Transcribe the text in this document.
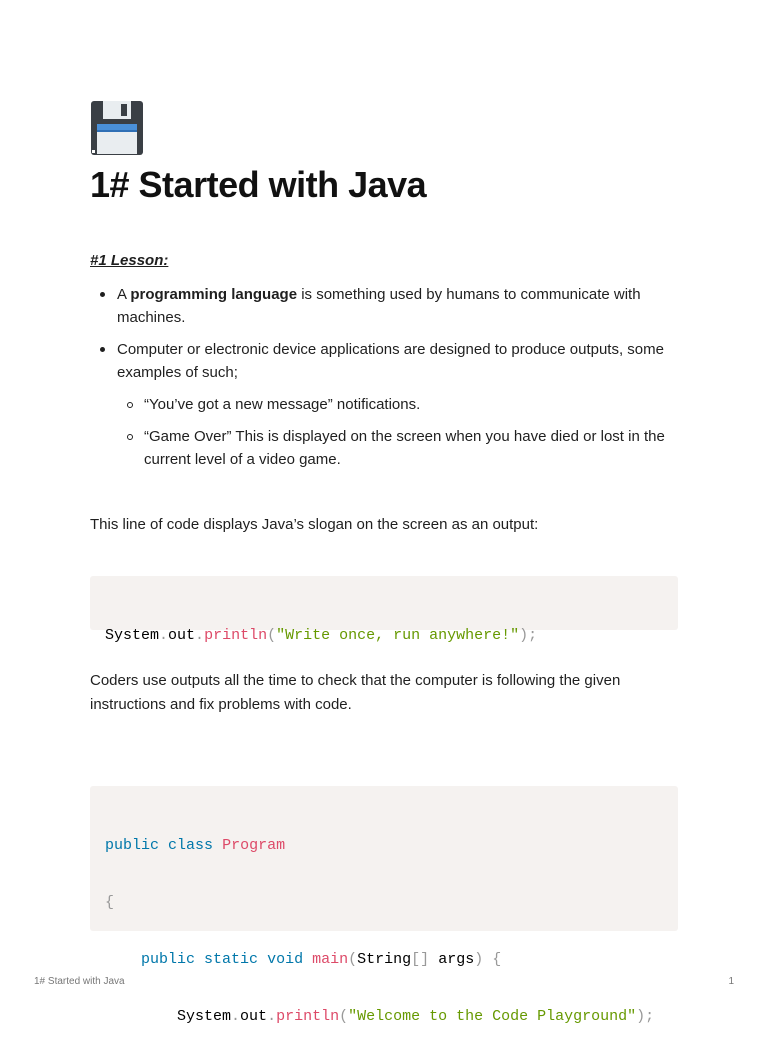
1# Started with Java
#1 Lesson:
A programming language is something used by humans to communicate with machines.
Computer or electronic device applications are designed to produce outputs, some examples of such;
“You’ve got a new message” notifications.
“Game Over” This is displayed on the screen when you have died or lost in the current level of a video game.

This line of code displays Java’s slogan on the screen as an output:

System.out.println("Write once, run anywhere!");

Coders use outputs all the time to check that the computer is following the given instructions and fix problems with code.

public class Program

{

public static void main(String[] args) {

System.out.println("Welcome to the Code Playground");

1# Started with Java	1
